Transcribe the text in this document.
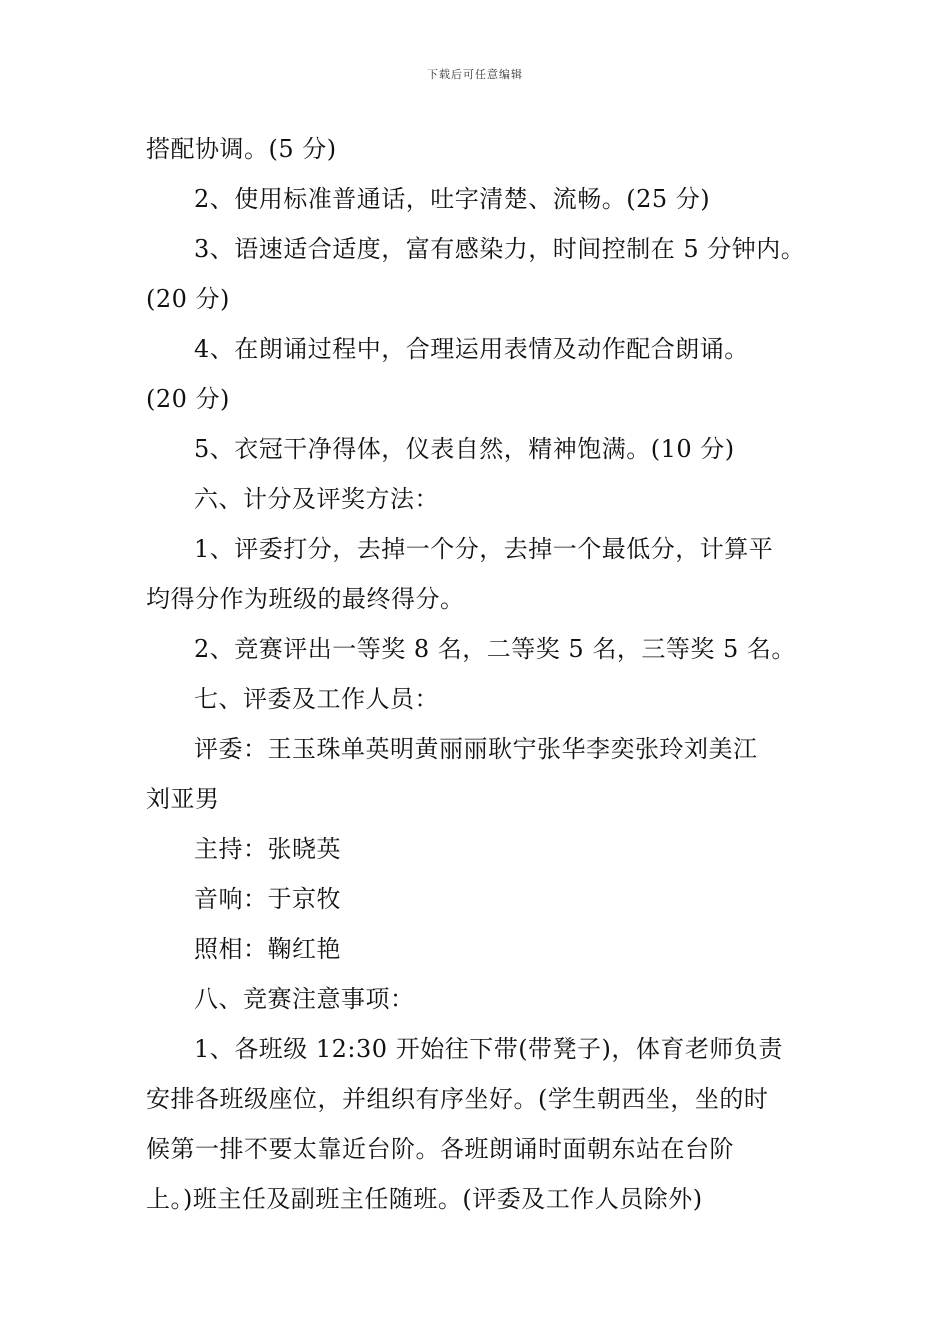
下载后可任意编辑
搭配协调。(5 分)
2、使用标准普通话，吐字清楚、流畅。(25 分)
3、语速适合适度，富有感染力，时间控制在 5 分钟内。
(20 分)
4、在朗诵过程中，合理运用表情及动作配合朗诵。
(20 分)
5、衣冠干净得体，仪表自然，精神饱满。(10 分)
六、计分及评奖方法：
1、评委打分，去掉一个分，去掉一个最低分，计算平
均得分作为班级的最终得分。
2、竞赛评出一等奖 8 名，二等奖 5 名，三等奖 5 名。
七、评委及工作人员：
评委：王玉珠单英明黄丽丽耿宁张华李奕张玲刘美江
刘亚男
主持：张晓英
音响：于京牧
照相：鞠红艳
八、竞赛注意事项：
1、各班级 12:30 开始往下带(带凳子)，体育老师负责
安排各班级座位，并组织有序坐好。(学生朝西坐，坐的时
候第一排不要太靠近台阶。各班朗诵时面朝东站在台阶
上。)班主任及副班主任随班。(评委及工作人员除外)
